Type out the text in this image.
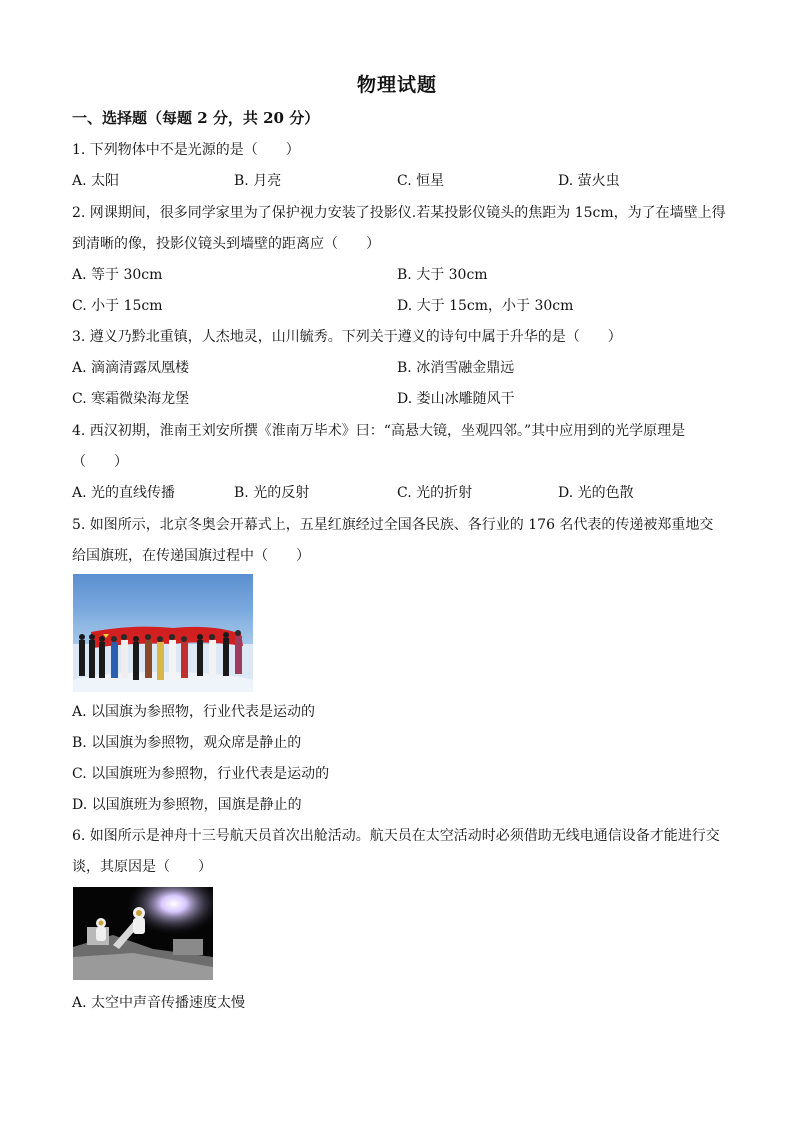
物理试题
一、选择题（每题 2 分，共 20 分）
1. 下列物体中不是光源的是（　　）
A. 太阳	B. 月亮	C. 恒星	D. 萤火虫
2. 网课期间，很多同学家里为了保护视力安装了投影仪.若某投影仪镜头的焦距为 15cm，为了在墙壁上得
到清晰的像，投影仪镜头到墙壁的距离应（　　）
A. 等于 30cm	B. 大于 30cm
C. 小于 15cm	D. 大于 15cm，小于 30cm
3. 遵义乃黔北重镇，人杰地灵，山川毓秀。下列关于遵义的诗句中属于升华的是（　　）
A. 滴滴清露凤凰楼	B. 冰消雪融金鼎远
C. 寒霜微染海龙堡	D. 娄山冰雕随风干
4. 西汉初期，淮南王刘安所撰《淮南万毕术》曰：“高悬大镜，坐观四邻。”其中应用到的光学原理是
（　　）
A. 光的直线传播	B. 光的反射	C. 光的折射	D. 光的色散
5. 如图所示，北京冬奥会开幕式上，五星红旗经过全国各民族、各行业的 176 名代表的传递被郑重地交
给国旗班，在传递国旗过程中（　　）
A. 以国旗为参照物，行业代表是运动的
B. 以国旗为参照物，观众席是静止的
C. 以国旗班为参照物，行业代表是运动的
D. 以国旗班为参照物，国旗是静止的
6. 如图所示是神舟十三号航天员首次出舱活动。航天员在太空活动时必须借助无线电通信设备才能进行交
谈，其原因是（　　）
A. 太空中声音传播速度太慢
